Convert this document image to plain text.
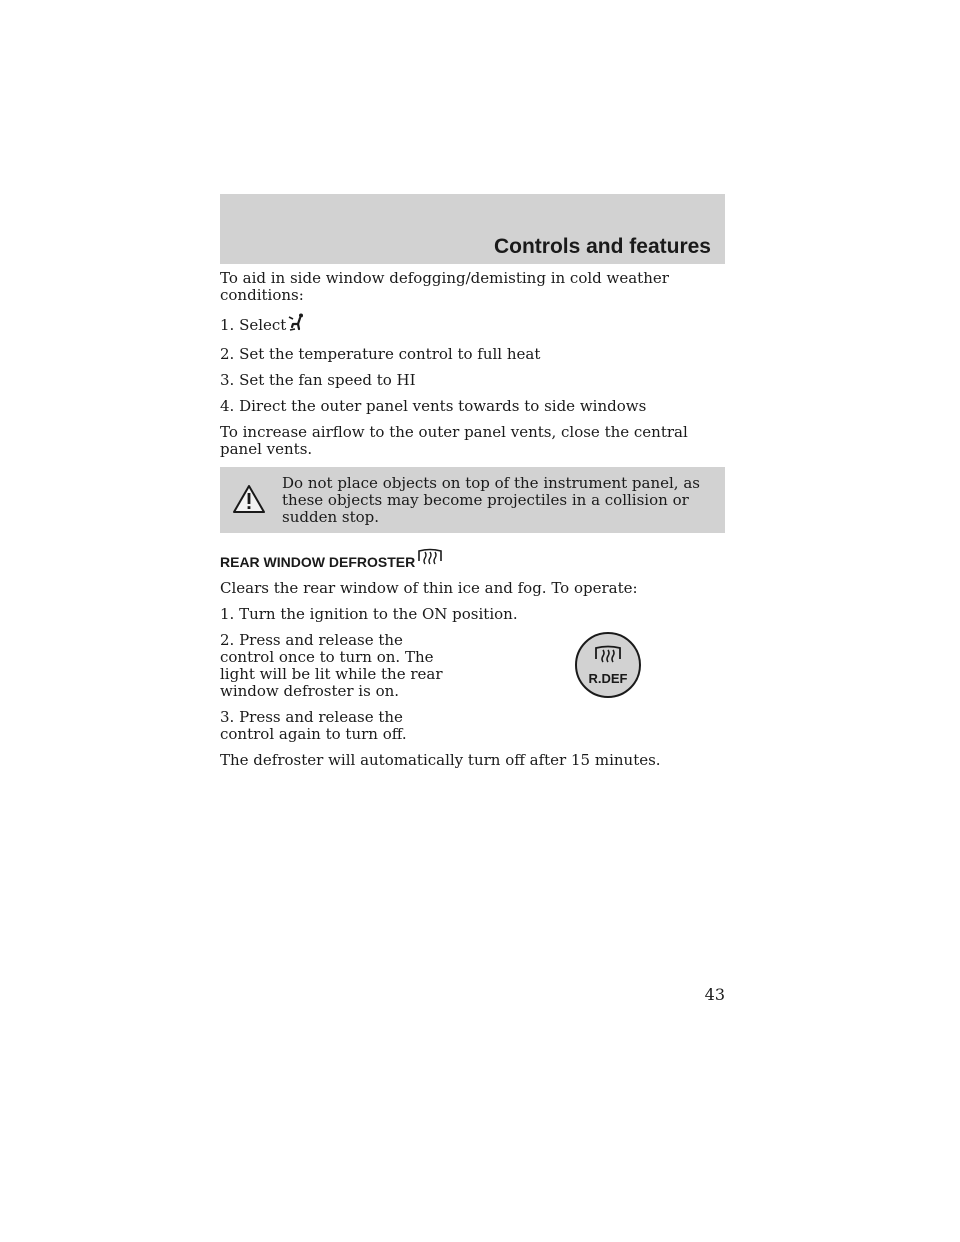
Controls and features

To aid in side window defogging/demisting in cold weather conditions:

1. Select

2. Set the temperature control to full heat

3. Set the fan speed to HI

4. Direct the outer panel vents towards to side windows

To increase airflow to the outer panel vents, close the central panel vents.

Do not place objects on top of the instrument panel, as these objects may become projectiles in a collision or sudden stop.
REAR WINDOW DEFROSTER

Clears the rear window of thin ice and fog. To operate:

1. Turn the ignition to the ON position.

2. Press and release the control once to turn on. The light will be lit while the rear window defroster is on.

3. Press and release the control again to turn off.

R.DEF

The defroster will automatically turn off after 15 minutes.

43
